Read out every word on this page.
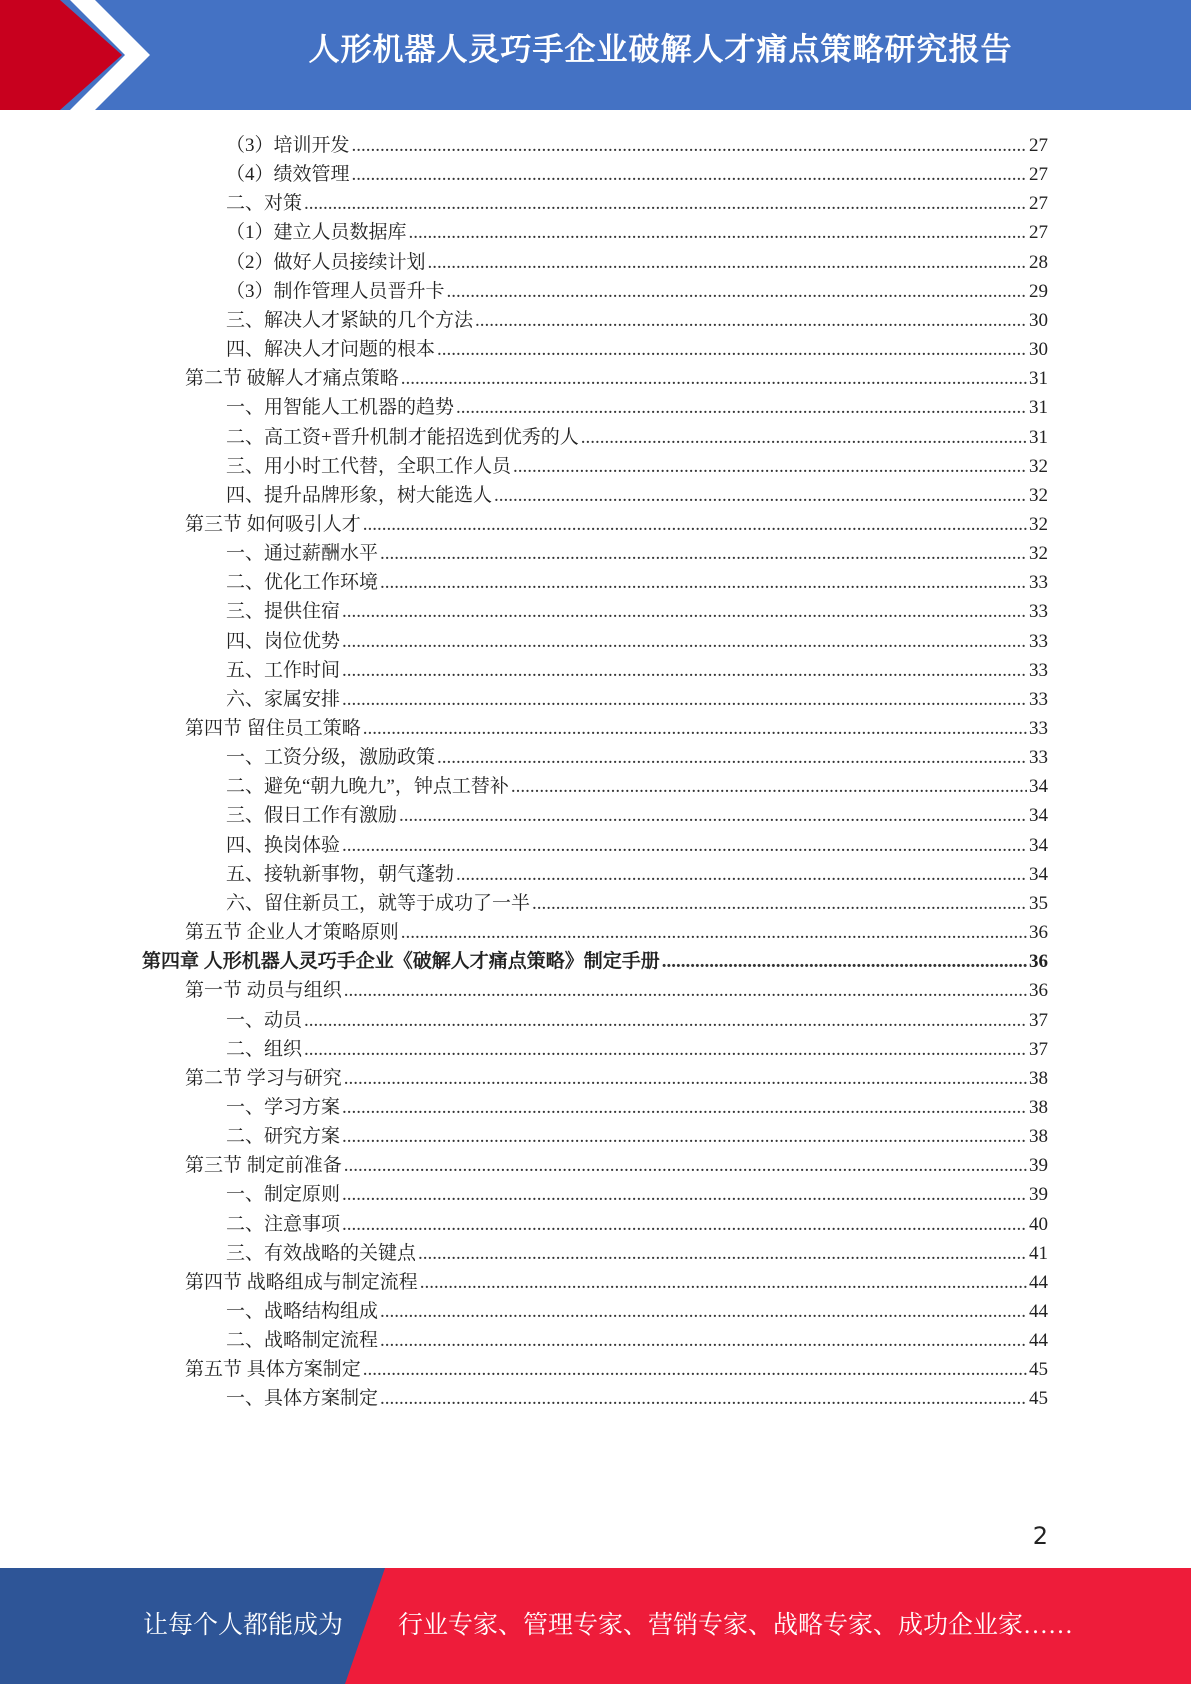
人形机器人灵巧手企业破解人才痛点策略研究报告
（3）培训开发 .....	27
（4）绩效管理 .....	27
二、对策 .....	27
（1）建立人员数据库 .....	27
（2）做好人员接续计划 .....	28
（3）制作管理人员晋升卡 .....	29
三、解决人才紧缺的几个方法 .....	30
四、解决人才问题的根本 .....	30
第二节 破解人才痛点策略 .....	31
一、用智能人工机器的趋势 .....	31
二、高工资+晋升机制才能招选到优秀的人 .....	31
三、用小时工代替，全职工作人员 .....	32
四、提升品牌形象，树大能选人 .....	32
第三节 如何吸引人才 .....	32
一、通过薪酬水平 .....	32
二、优化工作环境 .....	33
三、提供住宿 .....	33
四、岗位优势 .....	33
五、工作时间 .....	33
六、家属安排 .....	33
第四节 留住员工策略 .....	33
一、工资分级，激励政策 .....	33
二、避免“朝九晚九”，钟点工替补 .....	34
三、假日工作有激励 .....	34
四、换岗体验 .....	34
五、接轨新事物，朝气蓬勃 .....	34
六、留住新员工，就等于成功了一半 .....	35
第五节 企业人才策略原则 .....	36
第四章 人形机器人灵巧手企业《破解人才痛点策略》制定手册 .....	36
第一节 动员与组织 .....	36
一、动员 .....	37
二、组织 .....	37
第二节 学习与研究 .....	38
一、学习方案 .....	38
二、研究方案 .....	38
第三节 制定前准备 .....	39
一、制定原则 .....	39
二、注意事项 .....	40
三、有效战略的关键点 .....	41
第四节 战略组成与制定流程 .....	44
一、战略结构组成 .....	44
二、战略制定流程 .....	44
第五节 具体方案制定 .....	45
一、具体方案制定 .....	45
2
让每个人都能成为 行业专家、管理专家、营销专家、战略专家、成功企业家……
